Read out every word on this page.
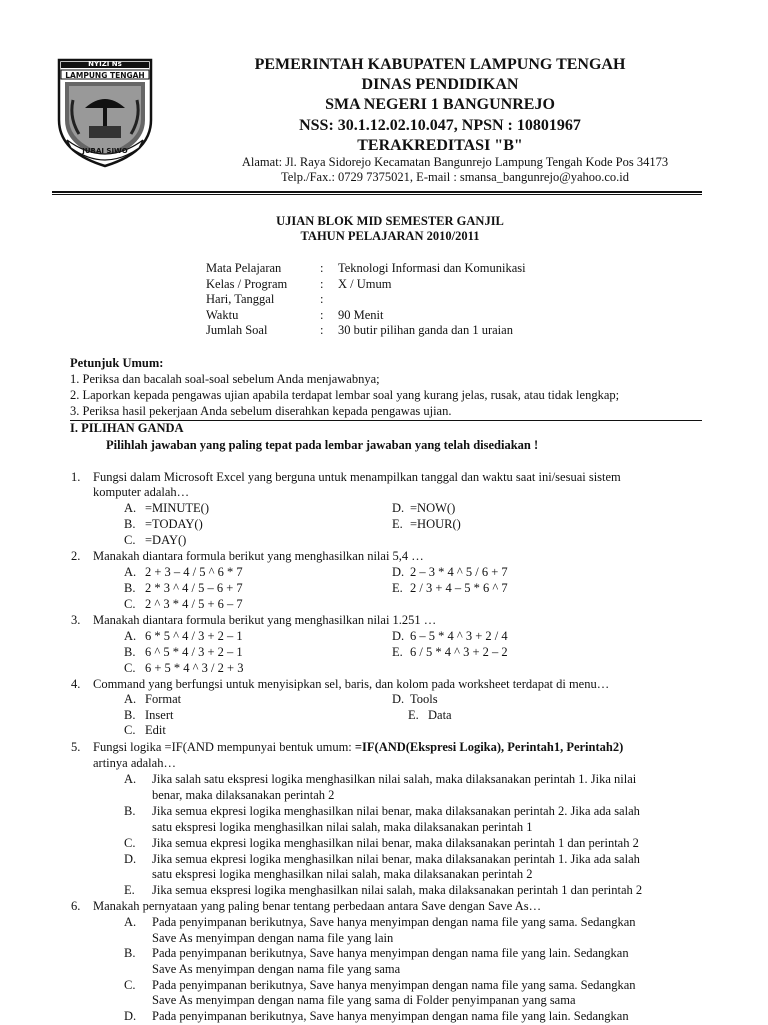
NYIZI Ns
LAMPUNG TENGAH
JURAI SIWO
PEMERINTAH KABUPATEN LAMPUNG TENGAH
DINAS PENDIDIKAN
SMA NEGERI 1 BANGUNREJO
NSS: 30.1.12.02.10.047, NPSN : 10801967
TERAKREDITASI "B"
Alamat: Jl. Raya Sidorejo Kecamatan Bangunrejo Lampung Tengah Kode Pos 34173
Telp./Fax.: 0729 7375021, E-mail : smansa_bangunrejo@yahoo.co.id
UJIAN BLOK MID SEMESTER GANJIL
TAHUN PELAJARAN 2010/2011
Mata Pelajaran	: Teknologi Informasi dan Komunikasi
Kelas / Program	: X / Umum
Hari, Tanggal	:
Waktu	: 90 Menit
Jumlah Soal	: 30 butir pilihan ganda dan 1 uraian
Petunjuk Umum:
1. Periksa dan bacalah soal-soal sebelum Anda menjawabnya;
2. Laporkan kepada pengawas ujian apabila terdapat lembar soal yang kurang jelas, rusak, atau tidak lengkap;
3. Periksa hasil pekerjaan Anda sebelum diserahkan kepada pengawas ujian.
I. PILIHAN GANDA
Pilihlah jawaban yang paling tepat pada lembar jawaban yang telah disediakan !
1. Fungsi dalam Microsoft Excel yang berguna untuk menampilkan tanggal dan waktu saat ini/sesuai sistem
komputer adalah…
A. =MINUTE()	D. =NOW()
B. =TODAY()	E. =HOUR()
C. =DAY()
2. Manakah diantara formula berikut yang menghasilkan nilai 5,4 …
A. 2 + 3 – 4 / 5 ^ 6 * 7	D. 2 – 3 * 4 ^ 5 / 6 + 7
B. 2 * 3 ^ 4 / 5 – 6 + 7	E. 2 / 3 + 4 – 5 * 6 ^ 7
C. 2 ^ 3 * 4 / 5 + 6 – 7
3. Manakah diantara formula berikut yang menghasilkan nilai 1.251 …
A. 6 * 5 ^ 4 / 3 + 2 – 1	D. 6 – 5 * 4 ^ 3 + 2 / 4
B. 6 ^ 5 * 4 / 3 + 2 – 1	E. 6 / 5 * 4 ^ 3 + 2 – 2
C. 6 + 5 * 4 ^ 3 / 2 + 3
4. Command yang berfungsi untuk menyisipkan sel, baris, dan kolom pada worksheet terdapat di menu…
A. Format	D. Tools
B. Insert	E. Data
C. Edit
5. Fungsi logika =IF(AND mempunyai bentuk umum: =IF(AND(Ekspresi Logika), Perintah1, Perintah2)
artinya adalah…
A. Jika salah satu ekspresi logika menghasilkan nilai salah, maka dilaksanakan perintah 1. Jika nilai
benar, maka dilaksanakan perintah 2
B. Jika semua ekpresi logika menghasilkan nilai benar, maka dilaksanakan perintah 2. Jika ada salah
satu ekspresi logika menghasilkan nilai salah, maka dilaksanakan perintah 1
C. Jika semua ekpresi logika menghasilkan nilai benar, maka dilaksanakan perintah 1 dan perintah 2
D. Jika semua ekpresi logika menghasilkan nilai benar, maka dilaksanakan perintah 1. Jika ada salah
satu ekspresi logika menghasilkan nilai salah, maka dilaksanakan perintah 2
E. Jika semua ekspresi logika menghasilkan nilai salah, maka dilaksanakan perintah 1 dan perintah 2
6. Manakah pernyataan yang paling benar tentang perbedaan antara Save dengan Save As…
A. Pada penyimpanan berikutnya, Save hanya menyimpan dengan nama file yang sama. Sedangkan
Save As menyimpan dengan nama file yang lain
B. Pada penyimpanan berikutnya, Save hanya menyimpan dengan nama file yang lain. Sedangkan
Save As menyimpan dengan nama file yang sama
C. Pada penyimpanan berikutnya, Save hanya menyimpan dengan nama file yang sama. Sedangkan
Save As menyimpan dengan nama file yang sama di Folder penyimpanan yang sama
D. Pada penyimpanan berikutnya, Save hanya menyimpan dengan nama file yang lain. Sedangkan
